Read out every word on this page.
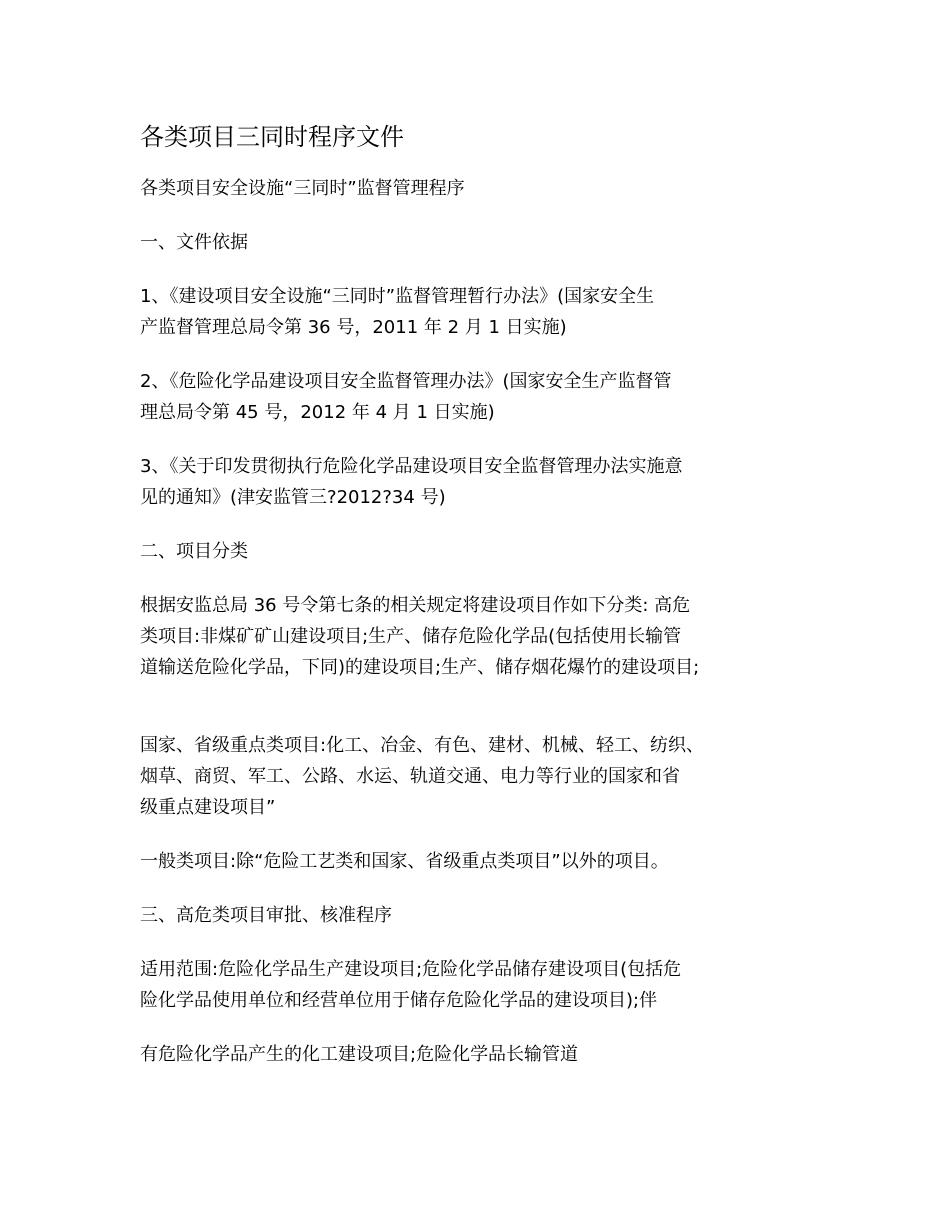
各类项目三同时程序文件

各类项目安全设施“三同时”监督管理程序

一、文件依据

1、《建设项目安全设施“三同时”监督管理暂行办法》(国家安全生
产监督管理总局令第 36 号，2011 年 2 月 1 日实施)

2、《危险化学品建设项目安全监督管理办法》(国家安全生产监督管
理总局令第 45 号，2012 年 4 月 1 日实施)

3、《关于印发贯彻执行危险化学品建设项目安全监督管理办法实施意
见的通知》(津安监管三?2012?34 号)

二、项目分类

根据安监总局 36 号令第七条的相关规定将建设项目作如下分类: 高危
类项目:非煤矿矿山建设项目;生产、储存危险化学品(包括使用长输管
道输送危险化学品，下同)的建设项目;生产、储存烟花爆竹的建设项目;

国家、省级重点类项目:化工、冶金、有色、建材、机械、轻工、纺织、
烟草、商贸、军工、公路、水运、轨道交通、电力等行业的国家和省
级重点建设项目”

一般类项目:除“危险工艺类和国家、省级重点类项目”以外的项目。

三、高危类项目审批、核准程序

适用范围:危险化学品生产建设项目;危险化学品储存建设项目(包括危
险化学品使用单位和经营单位用于储存危险化学品的建设项目);伴

有危险化学品产生的化工建设项目;危险化学品长输管道
